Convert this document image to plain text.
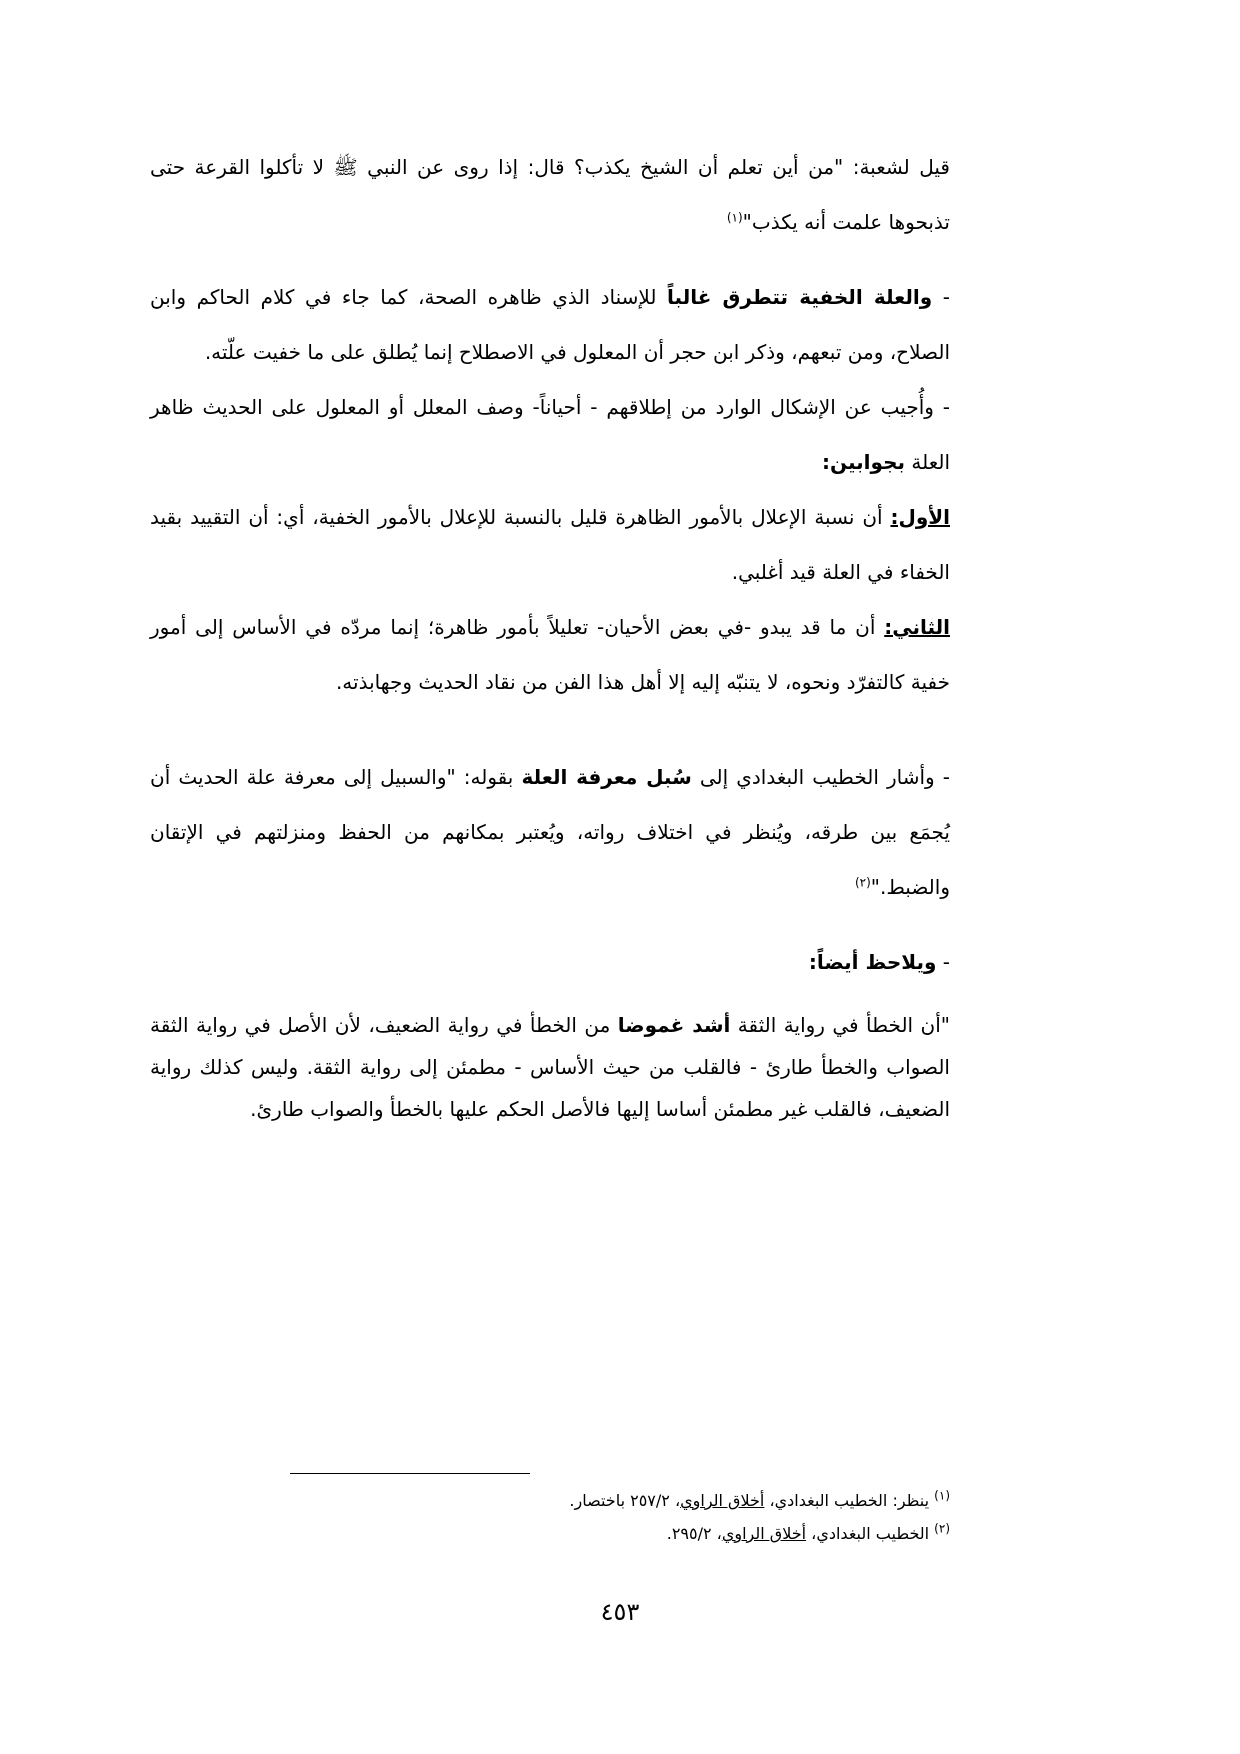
قيل لشعبة: "من أين تعلم أن الشيخ يكذب؟ قال: إذا روى عن النبي ﷺ لا تأكلوا القرعة حتى تذبحوها علمت أنه يكذب"$^{(١)}$

- والعلة الخفية تتطرق غالباً للإسناد الذي ظاهره الصحة، كما جاء في كلام الحاكم وابن الصلاح، ومن تبعهم، وذكر ابن حجر أن المعلول في الاصطلاح إنما يُطلق على ما خفيت علّته.

- وأُجيب عن الإشكال الوارد من إطلاقهم - أحياناً- وصف المعلل أو المعلول على الحديث ظاهر العلة بجوابين:

الأول: أن نسبة الإعلال بالأمور الظاهرة قليل بالنسبة للإعلال بالأمور الخفية، أي: أن التقييد بقيد الخفاء في العلة قيد أغلبي.

الثاني: أن ما قد يبدو -في بعض الأحيان- تعليلاً بأمور ظاهرة؛ إنما مردّه في الأساس إلى أمور خفية كالتفرّد ونحوه، لا يتنبّه إليه إلا أهل هذا الفن من نقاد الحديث وجهابذته.

- وأشار الخطيب البغدادي إلى سُبل معرفة العلة بقوله: "والسبيل إلى معرفة علة الحديث أن يُجمَع بين طرقه، ويُنظر في اختلاف رواته، ويُعتبر بمكانهم من الحفظ ومنزلتهم في الإتقان والضبط."$^{(٢)}$

- ويلاحظ أيضاً:

"أن الخطأ في رواية الثقة أشد غموضا من الخطأ في رواية الضعيف، لأن الأصل في رواية الثقة الصواب والخطأ طارئ - فالقلب من حيث الأساس - مطمئن إلى رواية الثقة. وليس كذلك رواية الضعيف، فالقلب غير مطمئن أساسا إليها فالأصل الحكم عليها بالخطأ والصواب طارئ.

$^{(١)}$ ينظر: الخطيب البغدادي، أخلاق الراوي، ٢٥٧/٢ باختصار.

$^{(٢)}$ الخطيب البغدادي، أخلاق الراوي، ٢٩٥/٢.

٤٥٣
